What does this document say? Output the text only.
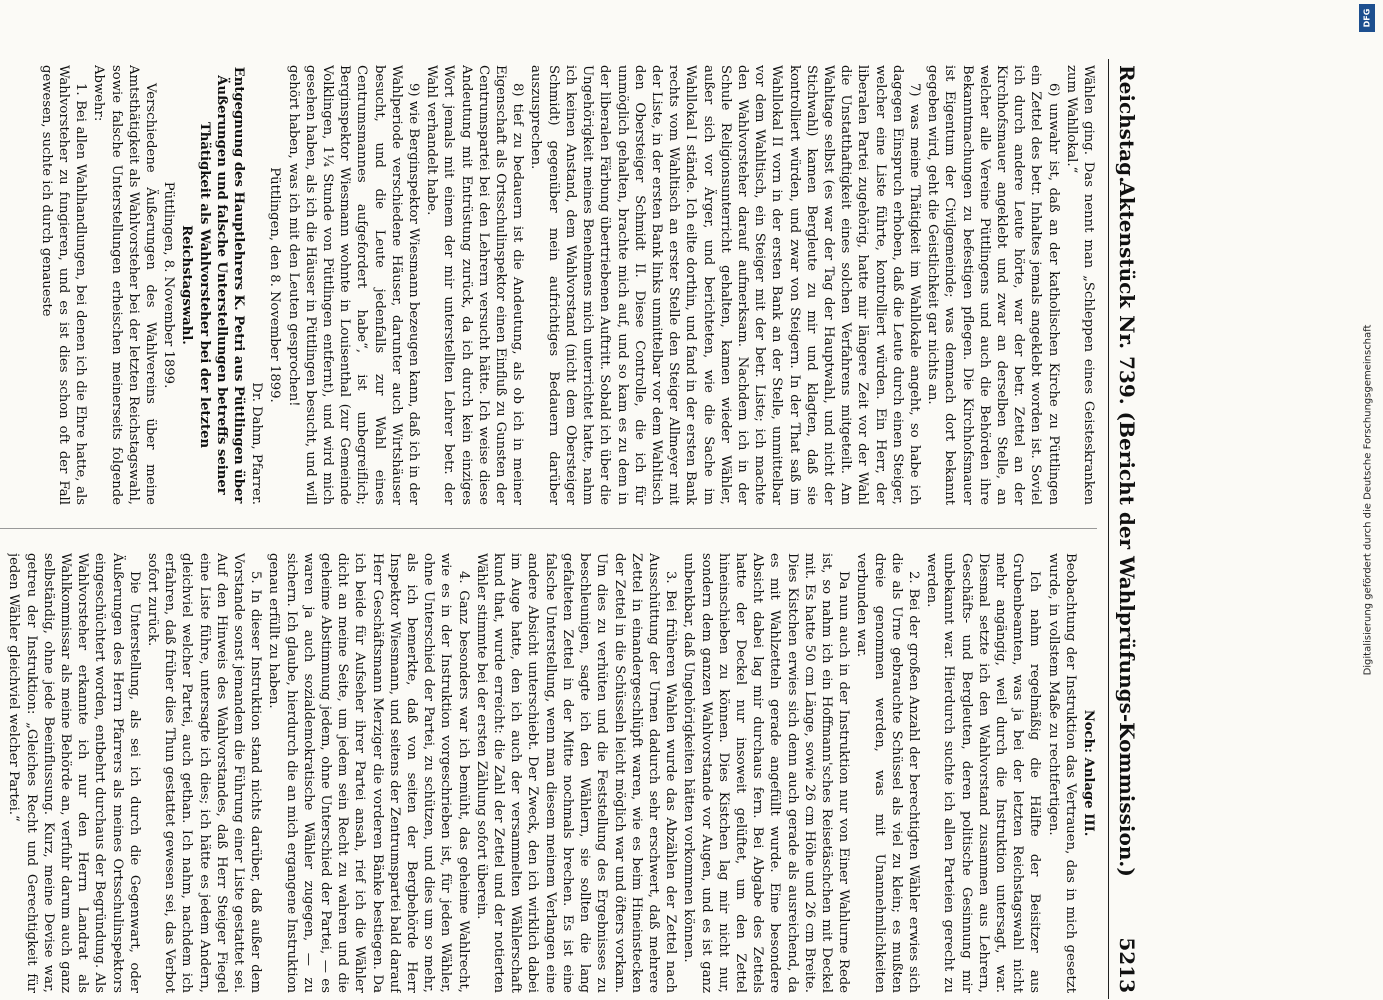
Reichstag.
Aktenstück Nr. 739. (Bericht der Wahlprüfungs-Kommission.)
5213

Wählen ging. Das nennt man „Schleppen eines Geisteskranken zum Wahllokal.“

6) unwahr ist, daß an der katholischen Kirche zu Püttlingen ein Zettel des betr. Inhaltes jemals angeklebt worden ist. Soviel ich durch andere Leute hörte, war der betr. Zettel an der Kirchhofsmauer angeklebt und zwar an derselben Stelle, an welcher alle Vereine Püttlingens und auch die Behörden ihre Bekanntmachungen zu befestigen pflegen. Die Kirchhofsmauer ist Eigentum der Civilgemeinde; was demnach dort bekannt gegeben wird, geht die Geistlichkeit gar nichts an.

7) was meine Thätigkeit im Wahllokale angeht, so habe ich dagegen Einspruch erhoben, daß die Leute durch einen Steiger, welcher eine Liste führte, kontrolliert würden. Ein Herr, der liberalen Partei zugehörig, hatte mir längere Zeit vor der Wahl die Unstatthaftigkeit eines solchen Verfahrens mitgeteilt. Am Wahltage selbst (es war der Tag der Hauptwahl, und nicht der Stichwahl) kamen Bergleute zu mir und klagten, daß sie kontrolliert würden, und zwar von Steigern. In der That saß im Wahllokal II vorn in der ersten Bank an der Stelle, unmittelbar vor dem Wahltisch, ein Steiger mit der betr. Liste; ich machte den Wahlvorsteher darauf aufmerksam. Nachdem ich in der Schule Religionsunterricht gehalten, kamen wieder Wähler, außer sich vor Ärger, und berichteten, wie die Sache im Wahllokal I stände. Ich eilte dorthin, und fand in der ersten Bank rechts vom Wahltisch an erster Stelle den Steiger Allmeyer mit der Liste, in der ersten Bank links unmittelbar vor dem Wahltisch den Obersteiger Schmidt II. Diese Controlle, die ich für unmöglich gehalten, brachte mich auf, und so kam es zu dem in der liberalen Färbung übertriebenen Auftritt. Sobald ich über die Ungehörigkeit meines Benehmens mich unterrichtet hatte, nahm ich keinen Anstand, dem Wahlvorstand (nicht dem Obersteiger Schmidt) gegenüber mein aufrichtiges Bedauern darüber auszusprechen.

8) tief zu bedauern ist die Andeutung, als ob ich in meiner Eigenschaft als Ortsschulinspektor einen Einfluß zu Gunsten der Centrumspartei bei den Lehrern versucht hätte. Ich weise diese Andeutung mit Entrüstung zurück, da ich durch kein einziges Wort jemals mit einem der mir unterstellten Lehrer betr. der Wahl verhandelt habe.

9) wie Berginspektor Wiesmann bezeugen kann, daß ich in der Wahlperiode verschiedene Häuser, darunter auch Wirtshäuser besucht, und die Leute jedenfalls zur Wahl eines Centrumsmannes aufgefordert habe“, ist unbegreiflich; Berginspektor Wiesmann wohnte in Louisenthal (zur Gemeinde Volklingen, 1¼ Stunde von Püttlingen entfernt), und wird mich gesehen haben, als ich die Häuser in Püttlingen besucht, und will gehört haben, was ich mit den Leuten gesprochen!

Püttlingen, den 8. November 1899.

Dr. Dahm, Pfarrer.

Entgegnung des Hauptlehrers K. Petri aus Püttlingen über Äußerungen und falsche Unterstellungen betreffs seiner Thätigkeit als Wahlvorsteher bei der letzten Reichstagswahl.

Püttlingen, 8. November 1899.

Verschiedene Äußerungen des Wahlvereins über meine Amtsthätigkeit als Wahlvorsteher bei der letzten Reichstagswahl, sowie falsche Unterstellungen erheischen meinerseits folgende Abwehr:

1. Bei allen Wahlhandlungen, bei denen ich die Ehre hatte, als Wahlvorsteher zu fungieren, und es ist dies schon oft der Fall gewesen, suchte ich durch genaueste

Noch: Anlage III.

Beobachtung der Instruktion das Vertrauen, das in mich gesetzt wurde, in vollstem Maße zu rechtfertigen.

Ich nahm regelmäßig die Hälfte der Beisitzer aus Grubenbeamten, was ja bei der letzten Reichstagswahl nicht mehr angängig, weil durch die Instruktion untersagt, war. Diesmal setzte ich den Wahlvorstand zusammen aus Lehrern, Geschäfts- und Bergleuten, deren politische Gesinnung mir unbekannt war. Hierdurch suchte ich allen Parteien gerecht zu werden.

2. Bei der großen Anzahl der berechtigten Wähler erwies sich die als Urne gebrauchte Schüssel als viel zu klein; es mußten dreie genommen werden, was mit Unannehmlichkeiten verbunden war.

Da nun auch in der Instruktion nur von Einer Wahlurne Rede ist, so nahm ich ein Hoffmann'sches Reisetäschchen mit Deckel mit. Es hatte 50 cm Länge, sowie 26 cm Höhe und 26 cm Breite. Dies Kistchen erwies sich denn auch gerade als ausreichend, da es mit Wahlzetteln gerade angefüllt wurde. Eine besondere Absicht dabei lag mir durchaus fern. Bei Abgabe des Zettels hatte der Deckel nur insoweit gelüftet, um den Zettel hineinschieben zu können. Dies Kistchen lag mir nicht nur, sondern dem ganzen Wahlvorstande vor Augen, und es ist ganz unbenkbar, daß Ungehörigkeiten hätten vorkommen können.

3. Bei früheren Wahlen wurde das Abzählen der Zettel nach Ausschüttung der Urnen dadurch sehr erschwert, daß mehrere Zettel in einandergeschlüpft waren, wie es beim Hineinstecken der Zettel in die Schüsseln leicht möglich war und öfters vorkam. Um dies zu verhüten und die Feststellung des Ergebnisses zu beschleunigen, sagte ich den Wählern, sie sollten die lang gefalteten Zettel in der Mitte nochmals brechen. Es ist eine falsche Unterstellung, wenn man diesem meinem Verlangen eine andere Absicht unterschiebt. Der Zweck, den ich wirklich dabei im Auge hatte, den ich auch der versammelten Wählerschaft kund that, wurde erreicht: die Zahl der Zettel und der notierten Wähler stimmte bei der ersten Zählung sofort überein.

4. Ganz besonders war ich bemüht, das geheime Wahlrecht, wie es in der Instruktion vorgeschrieben ist, für jeden Wähler, ohne Unterschied der Partei, zu schützen, und dies um so mehr, als ich bemerkte, daß von seiten der Bergbehörde Herr Inspektor Wiesmann, und seitens der Zentrumspartei bald darauf Herr Geschäftsmann Merziger die vorderen Bänke bestiegen. Da ich beide für Aufseher ihrer Partei ansah, rief ich die Wähler dicht an meine Seite, um jedem sein Recht zu wahren und die geheime Abstimmung jedem, ohne Unterschied der Partei, — es waren ja auch sozialdemokratische Wähler zugegen, — zu sichern. Ich glaube, hierdurch die an mich ergangene Instruktion genau erfüllt zu haben.

5. In dieser Instruktion stand nichts darüber, daß außer dem Vorstande sonst jemandem die Führung einer Liste gestattet sei. Auf den Hinweis des Wahlvorstandes, daß Herr Steiger Fiegel eine Liste führe, untersagte ich dies; ich hätte es jedem Andern, gleichviel welcher Partei, auch gethan. Ich nahm, nachdem ich erfahren, daß früher dies Thun gestattet gewesen sei, das Verbot sofort zurück.

Die Unterstellung, als sei ich durch die Gegenwart, oder Äußerungen des Herrn Pfarrers als meines Ortsschulinspektors eingeschüchtert worden, entbehrt durchaus der Begründung. Als Wahlvorsteher erkannte ich nur den Herrn Landrat als Wahlkommissar als meine Behörde an, verfuhr darum auch ganz selbständig, ohne jede Beeinflussung. Kurz, meine Devise war, getreu der Instruktion: „Gleiches Recht und Gerechtigkeit für jeden Wähler gleichviel welcher Partei.“

DFG
Digitalisierung gefördert durch die Deutsche Forschungsgemeinschaft
